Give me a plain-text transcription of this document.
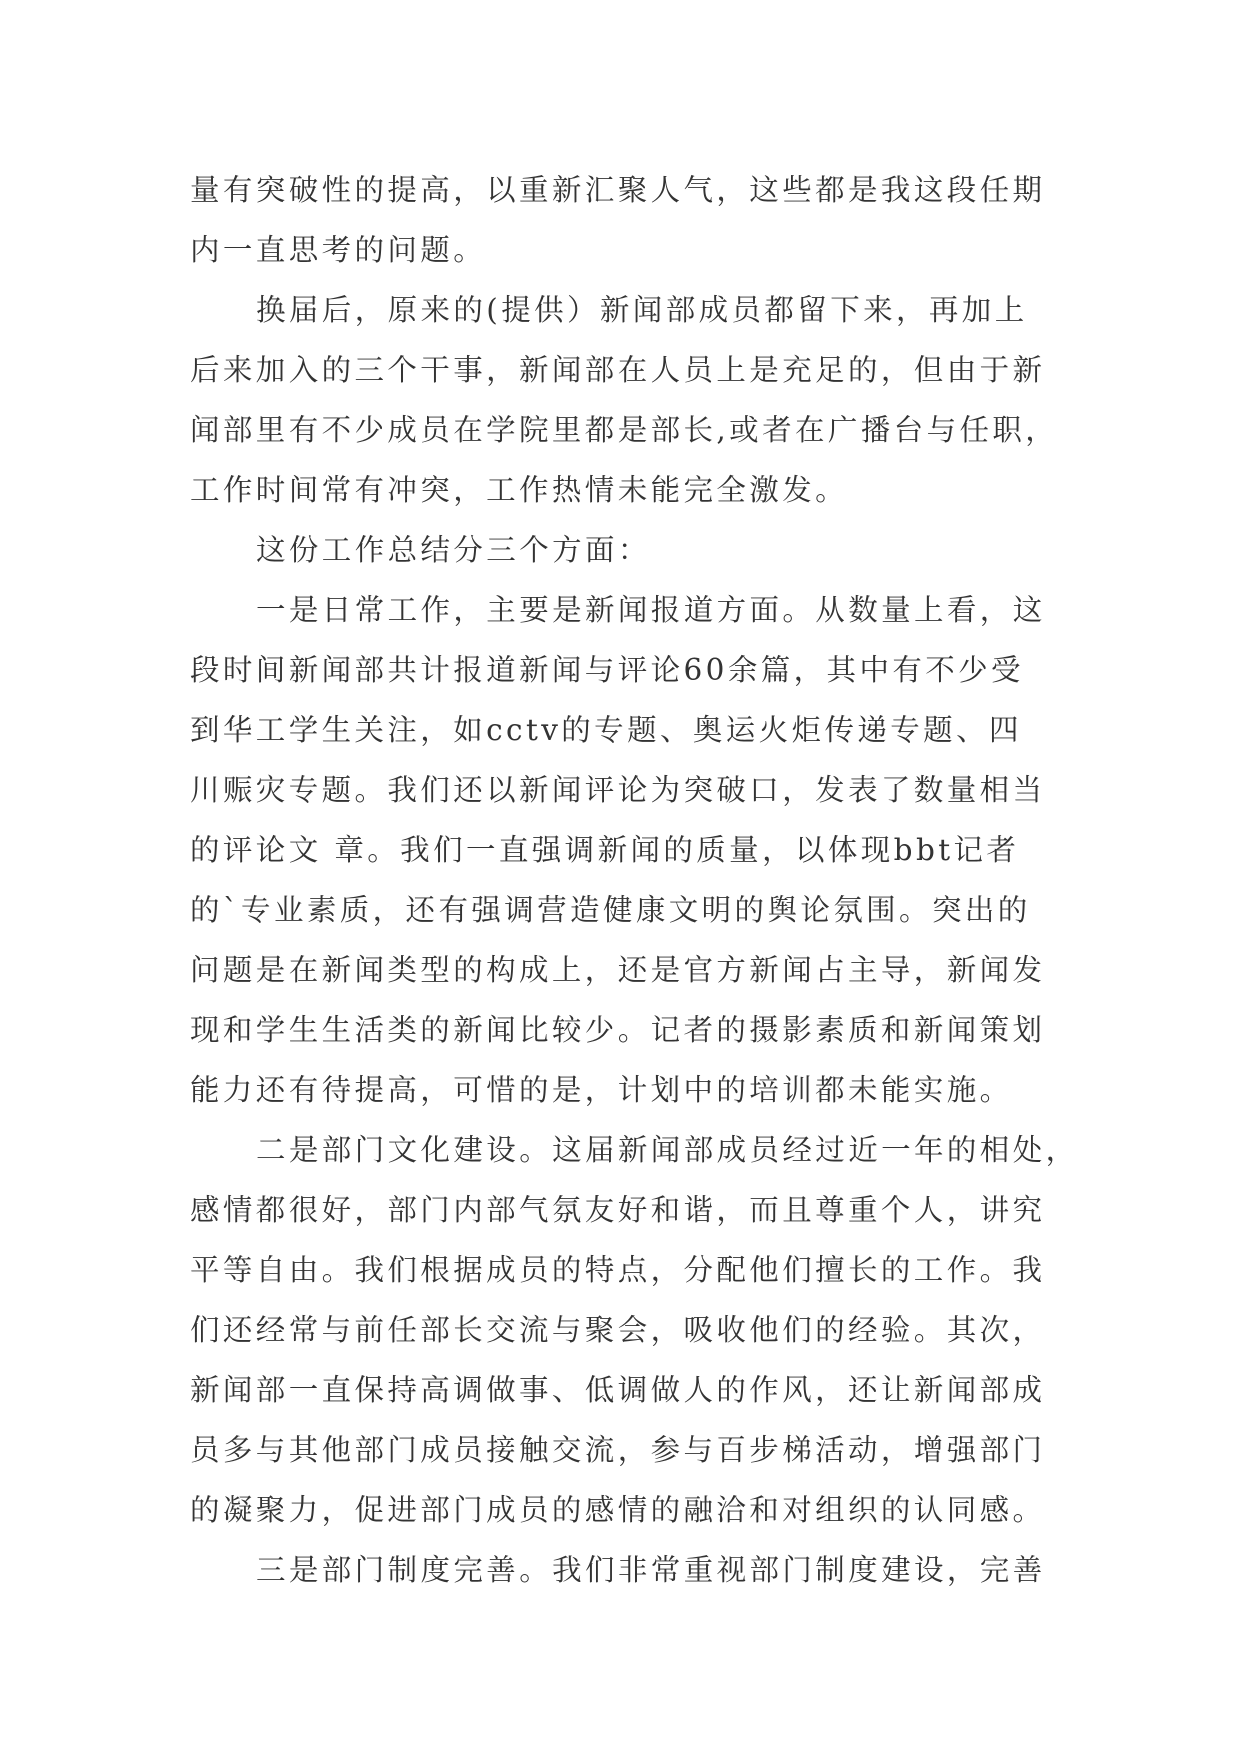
量有突破性的提高，以重新汇聚人气，这些都是我这段任期
内一直思考的问题。
换届后，原来的(提供）新闻部成员都留下来，再加上
后来加入的三个干事，新闻部在人员上是充足的，但由于新
闻部里有不少成员在学院里都是部长,或者在广播台与任职，
工作时间常有冲突，工作热情未能完全激发。
这份工作总结分三个方面：
一是日常工作，主要是新闻报道方面。从数量上看，这
段时间新闻部共计报道新闻与评论60余篇，其中有不少受
到华工学生关注，如cctv的专题、奥运火炬传递专题、四
川赈灾专题。我们还以新闻评论为突破口，发表了数量相当
的评论文 章。我们一直强调新闻的质量，以体现bbt记者
的`专业素质，还有强调营造健康文明的舆论氛围。突出的
问题是在新闻类型的构成上，还是官方新闻占主导，新闻发
现和学生生活类的新闻比较少。记者的摄影素质和新闻策划
能力还有待提高，可惜的是，计划中的培训都未能实施。
二是部门文化建设。这届新闻部成员经过近一年的相处，
感情都很好，部门内部气氛友好和谐，而且尊重个人，讲究
平等自由。我们根据成员的特点，分配他们擅长的工作。我
们还经常与前任部长交流与聚会，吸收他们的经验。其次，
新闻部一直保持高调做事、低调做人的作风，还让新闻部成
员多与其他部门成员接触交流，参与百步梯活动，增强部门
的凝聚力，促进部门成员的感情的融洽和对组织的认同感。
三是部门制度完善。我们非常重视部门制度建设，完善
